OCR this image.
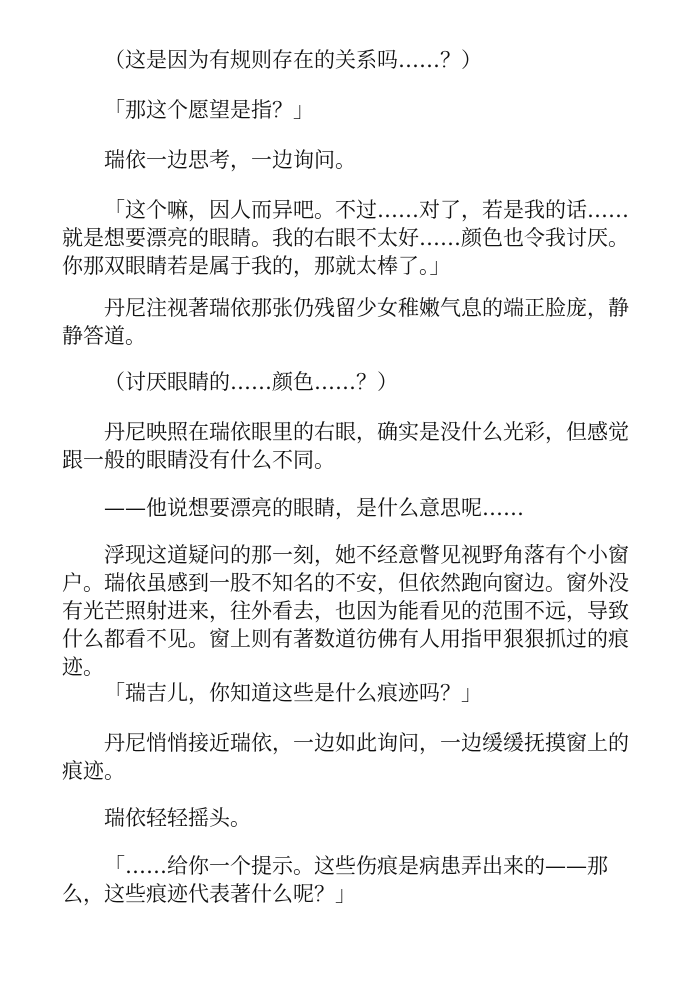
（这是因为有规则存在的关系吗……？）

「那这个愿望是指？」

瑞依一边思考，一边询问。

「这个嘛，因人而异吧。不过……对了，若是我的话……就是想要漂亮的眼睛。我的右眼不太好……颜色也令我讨厌。你那双眼睛若是属于我的，那就太棒了。」

丹尼注视著瑞依那张仍残留少女稚嫩气息的端正脸庞，静静答道。

（讨厌眼睛的……颜色……？）

丹尼映照在瑞依眼里的右眼，确实是没什么光彩，但感觉跟一般的眼睛没有什么不同。

——他说想要漂亮的眼睛，是什么意思呢……

浮现这道疑问的那一刻，她不经意瞥见视野角落有个小窗户。瑞依虽感到一股不知名的不安，但依然跑向窗边。窗外没有光芒照射进来，往外看去，也因为能看见的范围不远，导致什么都看不见。窗上则有著数道彷佛有人用指甲狠狠抓过的痕迹。

「瑞吉儿，你知道这些是什么痕迹吗？」

丹尼悄悄接近瑞依，一边如此询问，一边缓缓抚摸窗上的痕迹。

瑞依轻轻摇头。

「……给你一个提示。这些伤痕是病患弄出来的——那么，这些痕迹代表著什么呢？」
